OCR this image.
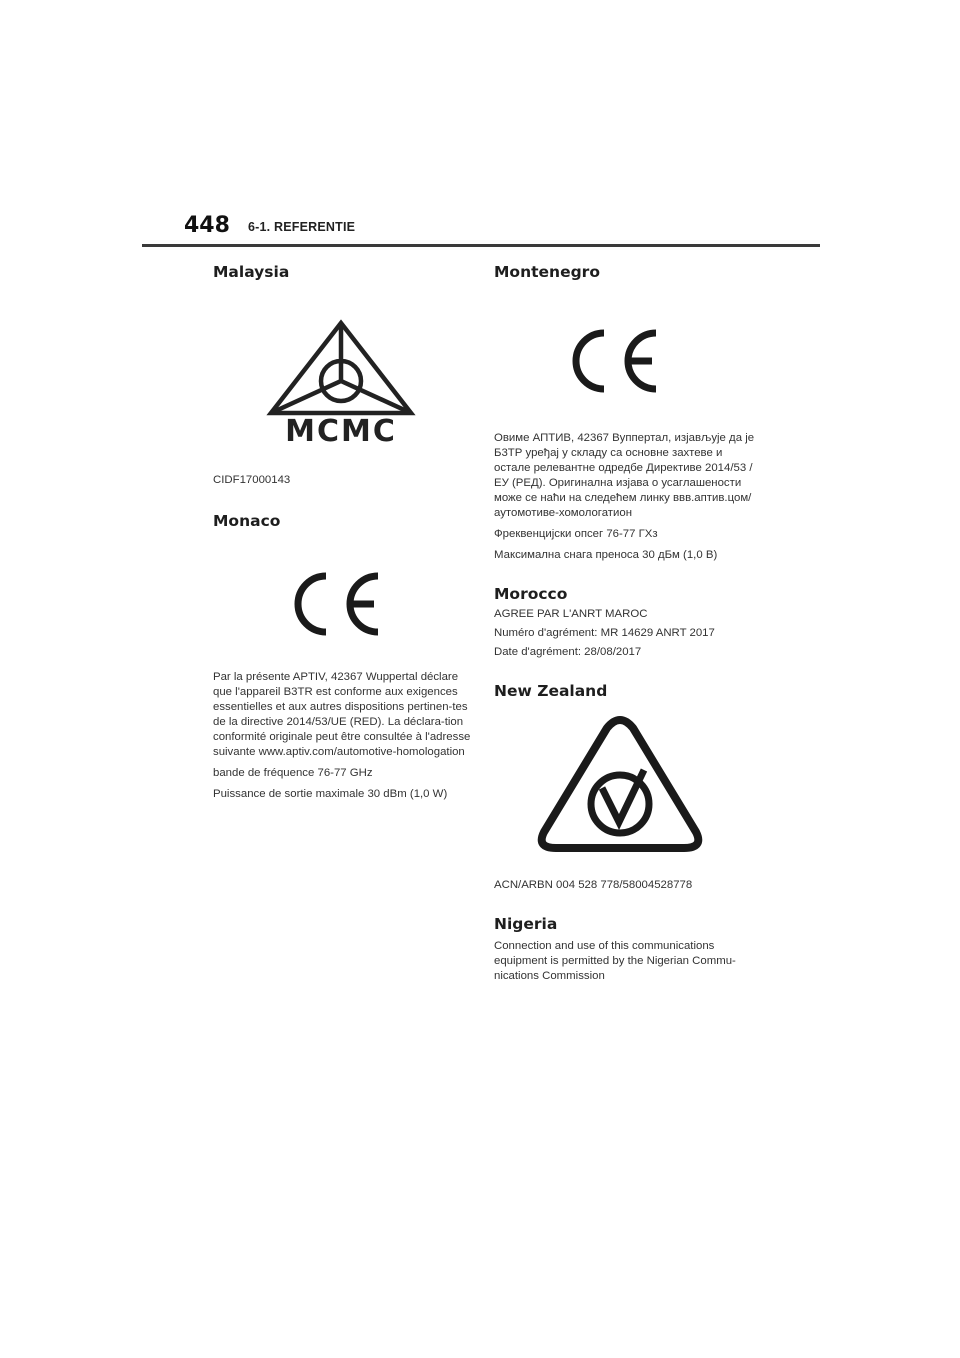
448 6-1. REFERENTIE
Malaysia
MCMC

CIDF17000143

Monaco

Par la présente APTIV, 42367 Wuppertal déclare que l'appareil B3TR est conforme aux exigences essentielles et aux autres dispositions pertinen-tes de la directive 2014/53/UE (RED). La déclara-tion conformité originale peut être consultée à l'adresse suivante www.aptiv.com/automotive-homologation

bande de fréquence 76-77 GHz

Puissance de sortie maximale 30 dBm (1,0 W)

Montenegro

Овиме АПТИВ, 42367 Вуппертал, изјављује да је Б3ТР уређај у складу са основне захтеве и остале релевантне одредбе Директиве 2014/53 / ЕУ (РЕД). Оригинална изјава о усаглашености може се наћи на следећем линку ввв.аптив.цом/аутомотиве-хомологатион

Фреквенцијски опсег 76-77 ГХз

Максимална снага преноса 30 дБм (1,0 В)

Morocco

AGREE PAR L'ANRT MAROC

Numéro d'agrément: MR 14629 ANRT 2017

Date d'agrément: 28/08/2017

New Zealand

ACN/ARBN 004 528 778/58004528778

Nigeria

Connection and use of this communications equipment is permitted by the Nigerian Commu-nications Commission
